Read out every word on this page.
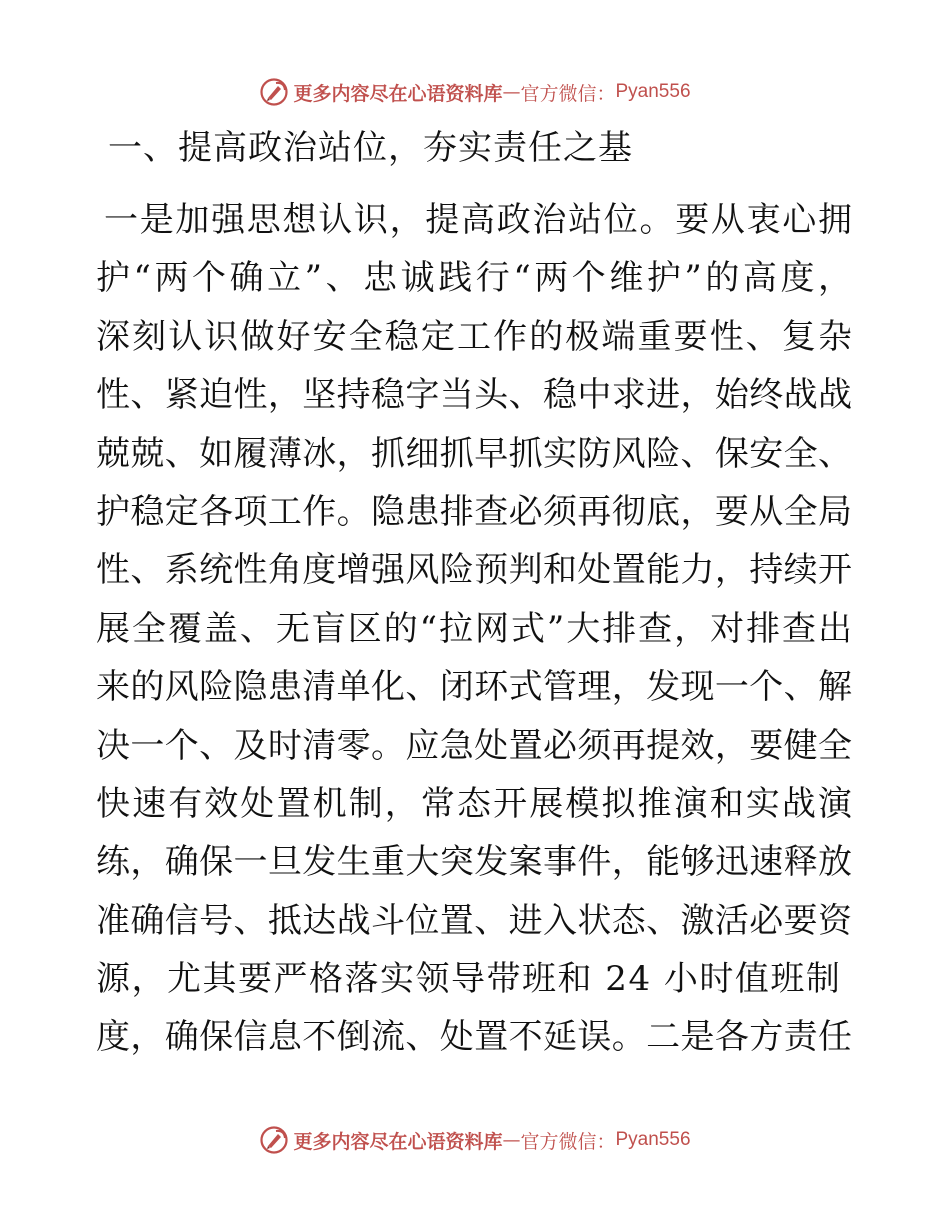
更多内容尽在心语资料库 — 官方微信： Pyan556
一、提高政治站位，夯实责任之基
一是加强思想认识，提高政治站位。要从衷心拥
护“两个确立”、忠诚践行“两个维护”的高度，
深刻认识做好安全稳定工作的极端重要性、复杂
性、紧迫性，坚持稳字当头、稳中求进，始终战战
兢兢、如履薄冰，抓细抓早抓实防风险、保安全、
护稳定各项工作。隐患排查必须再彻底，要从全局
性、系统性角度增强风险预判和处置能力，持续开
展全覆盖、无盲区的“拉网式”大排查，对排查出
来的风险隐患清单化、闭环式管理，发现一个、解
决一个、及时清零。应急处置必须再提效，要健全
快速有效处置机制，常态开展模拟推演和实战演
练，确保一旦发生重大突发案事件，能够迅速释放
准确信号、抵达战斗位置、进入状态、激活必要资
源，尤其要严格落实领导带班和 24 小时值班制
度，确保信息不倒流、处置不延误。二是各方责任
更多内容尽在心语资料库 — 官方微信： Pyan556
